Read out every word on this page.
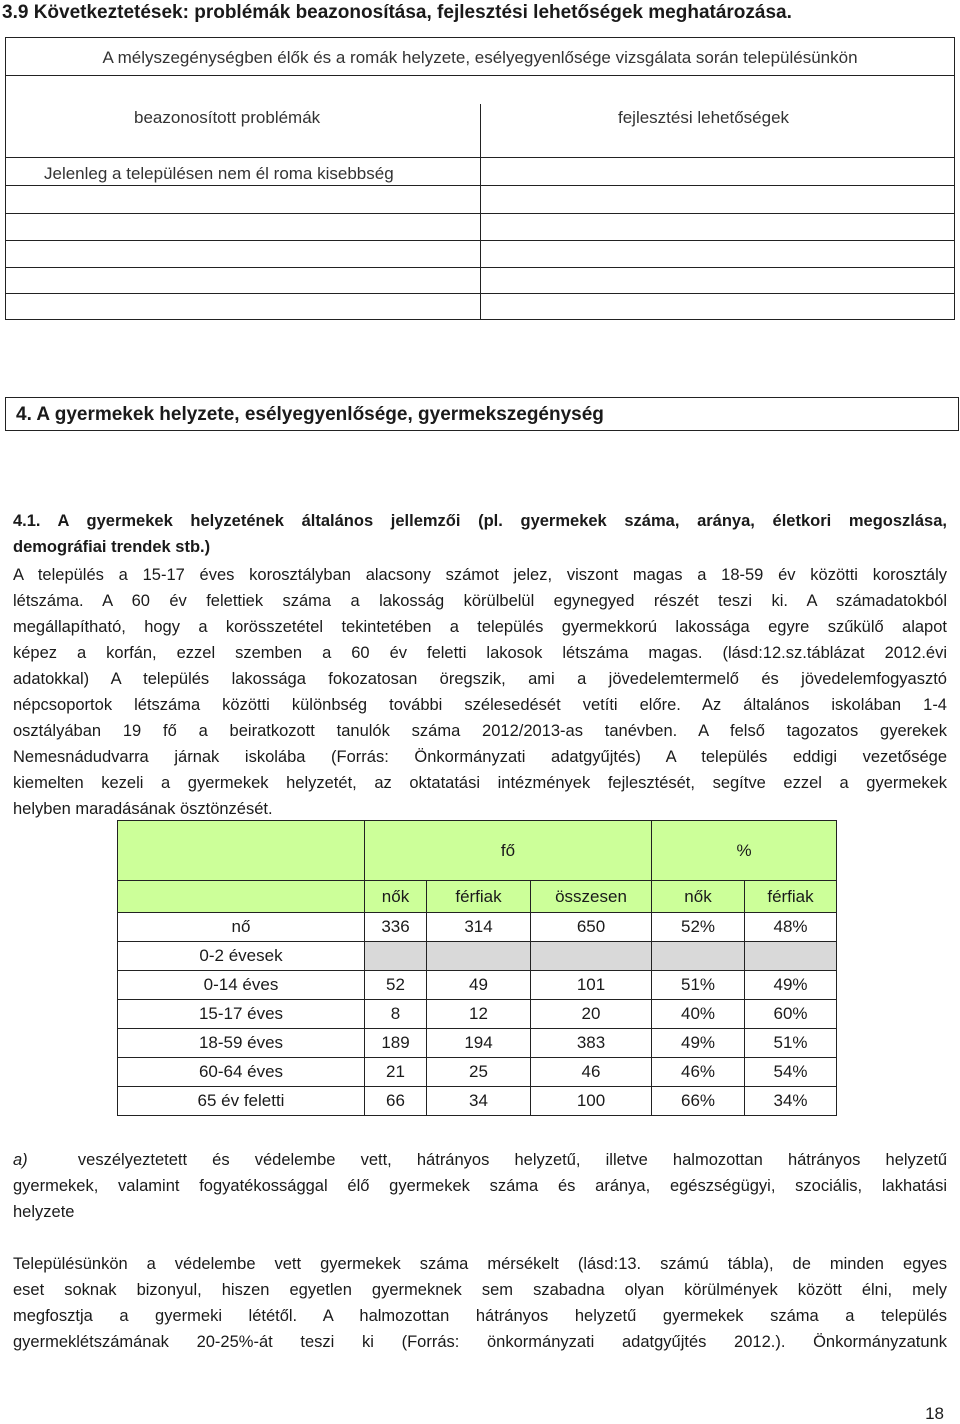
3.9 Következtetések: problémák beazonosítása, fejlesztési lehetőségek meghatározása.
A mélyszegénységben élők és a romák helyzete, esélyegyenlősége vizsgálata során településünkön
beazonosított problémák	fejlesztési lehetőségek
Jelenleg a településen nem él roma kisebbség
4. A gyermekek helyzete, esélyegyenlősége, gyermekszegénység

4.1. A gyermekek helyzetének általános jellemzői (pl. gyermekek száma, aránya, életkori megoszlása,

demográfiai trendek stb.)

A település a 15-17 éves korosztályban alacsony számot jelez, viszont magas a 18-59 év közötti korosztály

létszáma. A 60 év felettiek száma a lakosság körülbelül egynegyed részét teszi ki. A számadatokból

megállapítható, hogy a korösszetétel tekintetében a település gyermekkorú lakossága egyre szűkülő alapot

képez a korfán, ezzel szemben a 60 év feletti lakosok létszáma magas. (lásd:12.sz.táblázat 2012.évi

adatokkal) A település lakossága fokozatosan öregszik, ami a jövedelemtermelő és jövedelemfogyasztó

népcsoportok létszáma közötti különbség további szélesedését vetíti előre. Az általános iskolában 1-4

osztályában 19 fő a beiratkozott tanulók száma 2012/2013-as tanévben. A felső tagozatos gyerekek

Nemesnádudvarra járnak iskolába (Forrás: Önkormányzati adatgyűjtés) A település eddigi vezetősége

kiemelten kezeli a gyermekek helyzetét, az oktatatási intézmények fejlesztését, segítve ezzel a gyermekek

helyben maradásának ösztönzését.

	fő			%	
	nők	férfiak	összesen	nők	férfiak
nő	336	314	650	52%	48%
0-2 évesek					
0-14 éves	52	49	101	51%	49%
15-17 éves	8	12	20	40%	60%
18-59 éves	189	194	383	49%	51%
60-64 éves	21	25	46	46%	54%
65 év feletti	66	34	100	66%	34%

a)	veszélyeztetett és védelembe vett, hátrányos helyzetű, illetve halmozottan hátrányos helyzetű

gyermekek, valamint fogyatékossággal élő gyermekek száma és aránya, egészségügyi, szociális, lakhatási

helyzete

Településünkön a védelembe vett gyermekek száma mérsékelt (lásd:13. számú tábla), de minden egyes

eset soknak bizonyul, hiszen egyetlen gyermeknek sem szabadna olyan körülmények között élni, mely

megfosztja a gyermeki lététől. A halmozottan hátrányos helyzetű gyermekek száma a település

gyermeklétszámának 20-25%-át teszi ki (Forrás: önkormányzati adatgyűjtés 2012.). Önkormányzatunk

18
